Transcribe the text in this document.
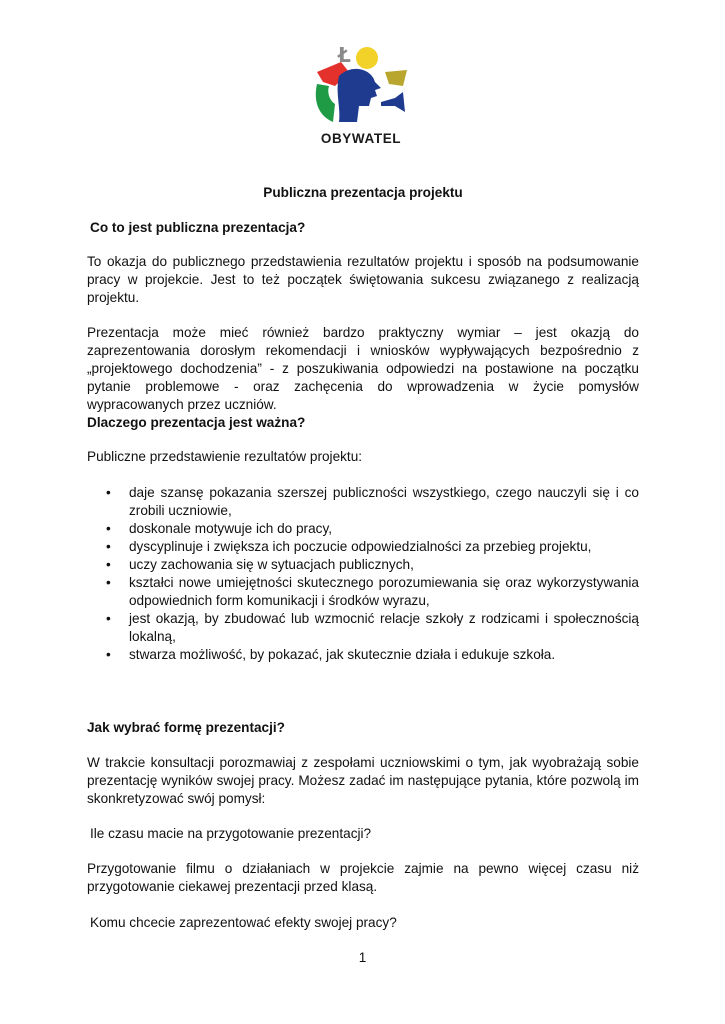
Ł
OBYWATEL
Publiczna prezentacja projektu
Co to jest publiczna prezentacja?
To okazja do publicznego przedstawienia rezultatów projektu i sposób na podsumowanie pracy w projekcie. Jest to też początek świętowania sukcesu związanego z realizacją projektu.
Prezentacja może mieć również bardzo praktyczny wymiar – jest okazją do zaprezentowania dorosłym rekomendacji i wniosków wypływających bezpośrednio z „projektowego dochodzenia” - z poszukiwania odpowiedzi na postawione na początku pytanie problemowe - oraz zachęcenia do wprowadzenia w życie pomysłów wypracowanych przez uczniów.
Dlaczego prezentacja jest ważna?
Publiczne przedstawienie rezultatów projektu:
• daje szansę pokazania szerszej publiczności wszystkiego, czego nauczyli się i co zrobili uczniowie,
• doskonale motywuje ich do pracy,
• dyscyplinuje i zwiększa ich poczucie odpowiedzialności za przebieg projektu,
• uczy zachowania się w sytuacjach publicznych,
• kształci nowe umiejętności skutecznego porozumiewania się oraz wykorzystywania odpowiednich form komunikacji i środków wyrazu,
• jest okazją, by zbudować lub wzmocnić relacje szkoły z rodzicami i społecznością lokalną,
• stwarza możliwość, by pokazać, jak skutecznie działa i edukuje szkoła.
Jak wybrać formę prezentacji?
W trakcie konsultacji porozmawiaj z zespołami uczniowskimi o tym, jak wyobrażają sobie prezentację wyników swojej pracy. Możesz zadać im następujące pytania, które pozwolą im skonkretyzować swój pomysł:
Ile czasu macie na przygotowanie prezentacji?
Przygotowanie filmu o działaniach w projekcie zajmie na pewno więcej czasu niż przygotowanie ciekawej prezentacji przed klasą.
Komu chcecie zaprezentować efekty swojej pracy?
1
